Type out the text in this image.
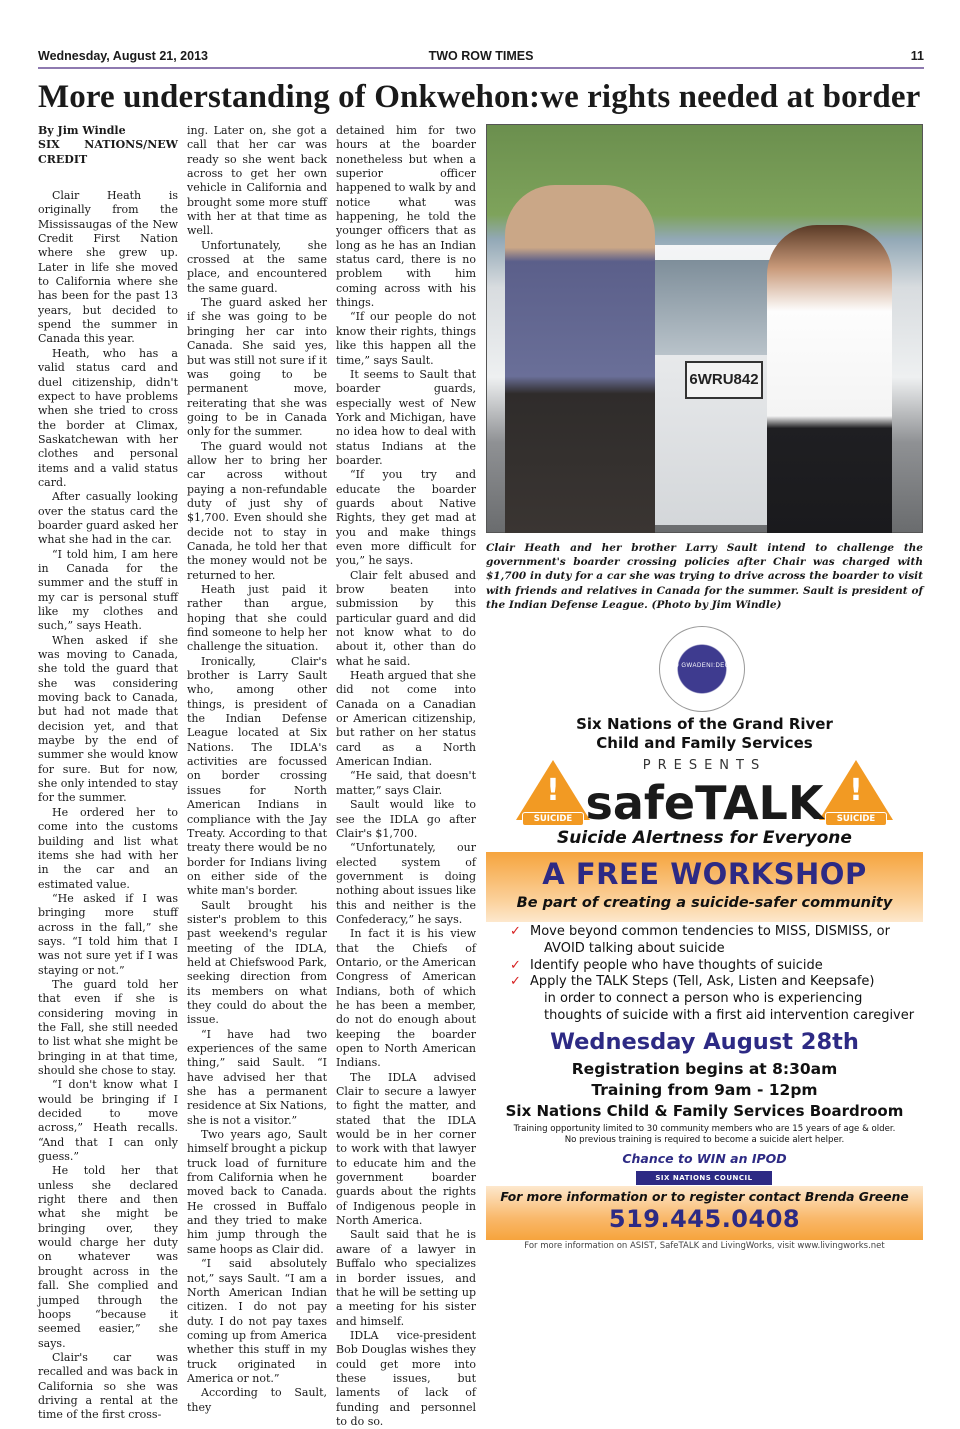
Wednesday, August 21, 2013	TWO ROW TIMES	11
More understanding of Onkwehon:we rights needed at border
By Jim Windle
SIX NATIONS/NEW CREDIT

Clair Heath is originally from the Mississaugas of the New Credit First Nation where she grew up. Later in life she moved to California where she has been for the past 13 years, but decided to spend the summer in Canada this year.

Heath, who has a valid status card and duel citizenship, didn't expect to have problems when she tried to cross the border at Climax, Saskatchewan with her clothes and personal items and a valid status card.

After casually looking over the status card the boarder guard asked her what she had in the car.

“I told him, I am here in Canada for the summer and the stuff in my car is personal stuff like my clothes and such,” says Heath.

When asked if she was moving to Canada, she told the guard that she was considering moving back to Canada, but had not made that decision yet, and that maybe by the end of summer she would know for sure. But for now, she only intended to stay for the summer.

He ordered her to come into the customs building and list what items she had with her in the car and an estimated value.

“He asked if I was bringing more stuff across in the fall,” she says. “I told him that I was not sure yet if I was staying or not.”

The guard told her that even if she is considering moving in the Fall, she still needed to list what she might be bringing in at that time, should she chose to stay.

“I don't know what I would be bringing if I decided to move across,” Heath recalls. “And that I can only guess.”

He told her that unless she declared right there and then what she might be bringing over, they would charge her duty on whatever was brought across in the fall. She complied and jumped through the hoops “because it seemed easier,” she says.

Clair's car was recalled and was back in California so she was driving a rental at the time of the first cross-

ing. Later on, she got a call that her car was ready so she went back across to get her own vehicle in California and brought some more stuff with her at that time as well.

Unfortunately, she crossed at the same place, and encountered the same guard.

The guard asked her if she was going to be bringing her car into Canada. She said yes, but was still not sure if it was going to be permanent move, reiterating that she was going to be in Canada only for the summer.

The guard would not allow her to bring her car across without paying a non-refundable duty of just shy of $1,700. Even should she decide not to stay in Canada, he told her that the money would not be returned to her.

Heath just paid it rather than argue, hoping that she could find someone to help her challenge the situation.

Ironically, Clair's brother is Larry Sault who, among other things, is president of the Indian Defense League located at Six Nations. The IDLA's activities are focussed on border crossing issues for North American Indians in compliance with the Jay Treaty. According to that treaty there would be no border for Indians living on either side of the white man's border.

Sault brought his sister's problem to this past weekend's regular meeting of the IDLA, held at Chiefswood Park, seeking direction from its members on what they could do about the issue.

“I have had two experiences of the same thing,” said Sault. “I have advised her that she has a permanent residence at Six Nations, she is not a visitor.”

Two years ago, Sault himself brought a pickup truck load of furniture from California when he moved back to Canada. He crossed in Buffalo and they tried to make him jump through the same hoops as Clair did.

“I said absolutely not,” says Sault. “I am a North American Indian citizen. I do not pay duty. I do not pay taxes coming up from America whether this stuff in my truck originated in America or not.”

According to Sault, they

detained him for two hours at the boarder nonetheless but when a superior officer happened to walk by and notice what was happening, he told the younger officers that as long as he has an Indian status card, there is no problem with him coming across with his things.

“If our people do not know their rights, things like this happen all the time,” says Sault.

It seems to Sault that boarder guards, especially west of New York and Michigan, have no idea how to deal with status Indians at the boarder.

“If you try and educate the boarder guards about Native Rights, they get mad at you and make things even more difficult for you,” he says.

Clair felt abused and brow beaten into submission by this particular guard and did not know what to do about it, other than do what he said.

Heath argued that she did not come into Canada on a Canadian or American citizenship, but rather on her status card as a North American Indian.

“He said, that doesn't matter,” says Clair.

Sault would like to see the IDLA go after Clair's $1,700.

“Unfortunately, our elected system of government is doing nothing about issues like this and neither is the Confederacy,” he says.

In fact it is his view that the Chiefs of Ontario, or the American Congress of American Indians, both of which he has been a member, do not do enough about keeping the boarder open to North American Indians.

The IDLA advised Clair to secure a lawyer to fight the matter, and stated that the IDLA would be in her corner to work with that lawyer to educate him and the government boarder guards about the rights of Indigenous people in North America.

Sault said that he is aware of a lawyer in Buffalo who specializes in border issues, and that he will be setting up a meeting for his sister and himself.

IDLA vice-president Bob Douglas wishes they could get more into these issues, but laments of lack of funding and personnel to do so.

6WRU842
Clair Heath and her brother Larry Sault intend to challenge the government's boarder crossing policies after Chair was charged with $1,700 in duty for a car she was trying to drive across the boarder to visit with friends and relatives in Canada for the summer. Sault is president of the Indian Defense League. (Photo by Jim Windle)
O GWADENI:DEO
Six Nations of the Grand River
Child and Family Services
PRESENTS
!
SUICIDE
!
SUICIDE
safeTALK
Suicide Alertness for Everyone
A FREE WORKSHOP
Be part of creating a suicide-safer community
✓ Move beyond common tendencies to MISS, DISMISS, or
AVOID talking about suicide
✓ Identify people who have thoughts of suicide
✓ Apply the TALK Steps (Tell, Ask, Listen and Keepsafe)
in order to connect a person who is experiencing
thoughts of suicide with a first aid intervention caregiver
Wednesday August 28th
Registration begins at 8:30am
Training from 9am - 12pm
Six Nations Child & Family Services Boardroom
Training opportunity limited to 30 community members who are 15 years of age & older.
No previous training is required to become a suicide alert helper.
Chance to WIN an IPOD
SIX NATIONS COUNCIL
For more information or to register contact Brenda Greene
519.445.0408
For more information on ASIST, SafeTALK and LivingWorks, visit www.livingworks.net
